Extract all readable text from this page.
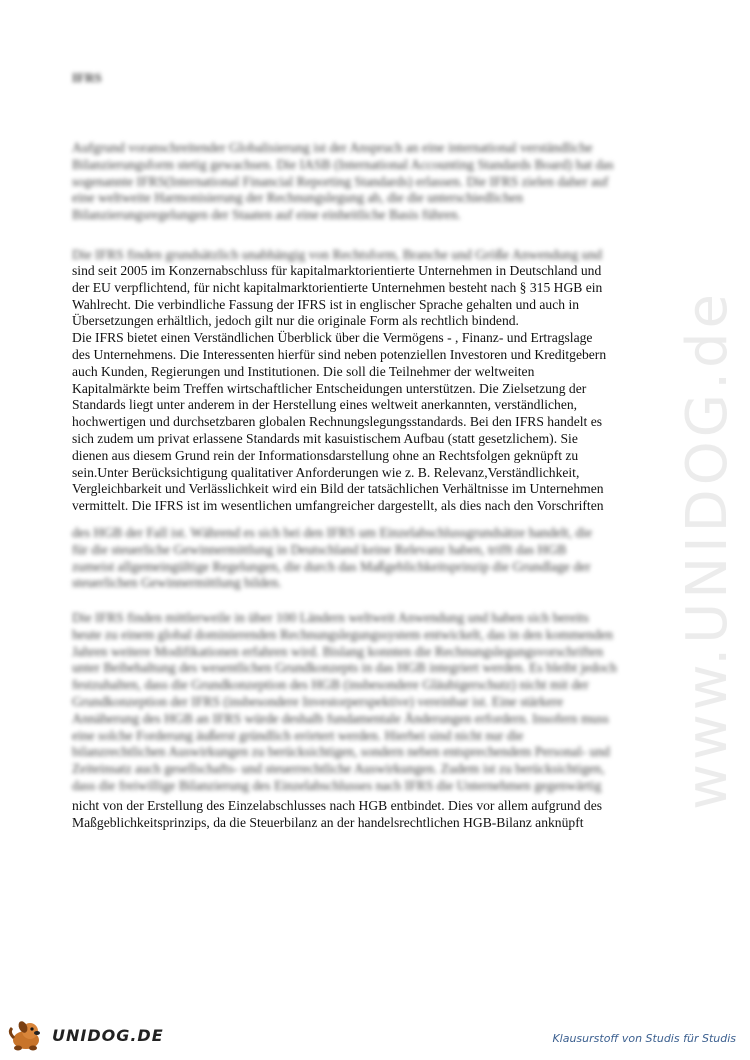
IFRS
Aufgrund voranschreitender Globalisierung ist der Anspruch an eine international verständliche
Bilanzierungsform stetig gewachsen. Die IASB (International Accounting Standards Board) hat das
sogenannte IFRS(International Financial Reporting Standards) erlassen. Die IFRS zielen daher auf
eine weltweite Harmonisierung der Rechnungslegung ab, die die unterschiedlichen
Bilanzierungsregelungen der Staaten auf eine einheitliche Basis führen.
Die IFRS finden grundsätzlich unabhängig von Rechtsform, Branche und Größe Anwendung und
sind seit 2005 im Konzernabschluss für kapitalmarktorientierte Unternehmen in Deutschland und
der EU verpflichtend, für nicht kapitalmarktorientierte Unternehmen besteht nach § 315 HGB ein
Wahlrecht. Die verbindliche Fassung der IFRS ist in englischer Sprache gehalten und auch in
Übersetzungen erhältlich, jedoch gilt nur die originale Form als rechtlich bindend.
Die IFRS bietet einen Verständlichen Überblick über die Vermögens - , Finanz- und Ertragslage
des Unternehmens. Die Interessenten hierfür sind neben potenziellen Investoren und Kreditgebern
auch Kunden, Regierungen und Institutionen. Die soll die Teilnehmer der weltweiten
Kapitalmärkte beim Treffen wirtschaftlicher Entscheidungen unterstützen. Die Zielsetzung der
Standards liegt unter anderem in der Herstellung eines weltweit anerkannten, verständlichen,
hochwertigen und durchsetzbaren globalen Rechnungslegungsstandards. Bei den IFRS handelt es
sich zudem um privat erlassene Standards mit kasuistischem Aufbau (statt gesetzlichem). Sie
dienen aus diesem Grund rein der Informationsdarstellung ohne an Rechtsfolgen geknüpft zu
sein.Unter Berücksichtigung qualitativer Anforderungen wie z. B. Relevanz,Verständlichkeit,
Vergleichbarkeit und Verlässlichkeit wird ein Bild der tatsächlichen Verhältnisse im Unternehmen
vermittelt. Die IFRS ist im wesentlichen umfangreicher dargestellt, als dies nach den Vorschriften
des HGB der Fall ist. Während es sich bei den IFRS um Einzelabschlussgrundsätze handelt, die
für die steuerliche Gewinnermittlung in Deutschland keine Relevanz haben, trifft das HGB
zumeist allgemeingültige Regelungen, die durch das Maßgeblichkeitsprinzip die Grundlage der
steuerlichen Gewinnermittlung bilden.
Die IFRS finden mittlerweile in über 100 Ländern weltweit Anwendung und haben sich bereits
heute zu einem global dominierenden Rechnungslegungssystem entwickelt, das in den kommenden
Jahren weitere Modifikationen erfahren wird. Bislang konnten die Rechnungslegungsvorschriften
unter Beibehaltung des wesentlichen Grundkonzepts in das HGB integriert werden. Es bleibt jedoch
festzuhalten, dass die Grundkonzeption des HGB (insbesondere Gläubigerschutz) nicht mit der
Grundkonzeption der IFRS (insbesondere Investorperspektive) vereinbar ist. Eine stärkere
Annäherung des HGB an IFRS würde deshalb fundamentale Änderungen erfordern. Insofern muss
eine solche Forderung äußerst gründlich erörtert werden. Hierbei sind nicht nur die
bilanzrechtlichen Auswirkungen zu berücksichtigen, sondern neben entsprechendem Personal- und
Zeiteinsatz auch gesellschafts- und steuerrechtliche Auswirkungen. Zudem ist zu berücksichtigen,
dass die freiwillige Bilanzierung des Einzelabschlusses nach IFRS die Unternehmen gegenwärtig
nicht von der Erstellung des Einzelabschlusses nach HGB entbindet. Dies vor allem aufgrund des
Maßgeblichkeitsprinzips, da die Steuerbilanz an der handelsrechtlichen HGB-Bilanz anknüpft
www.UNIDOG.de
UNIDOG.DE	Klausurstoff von Studis für Studis
